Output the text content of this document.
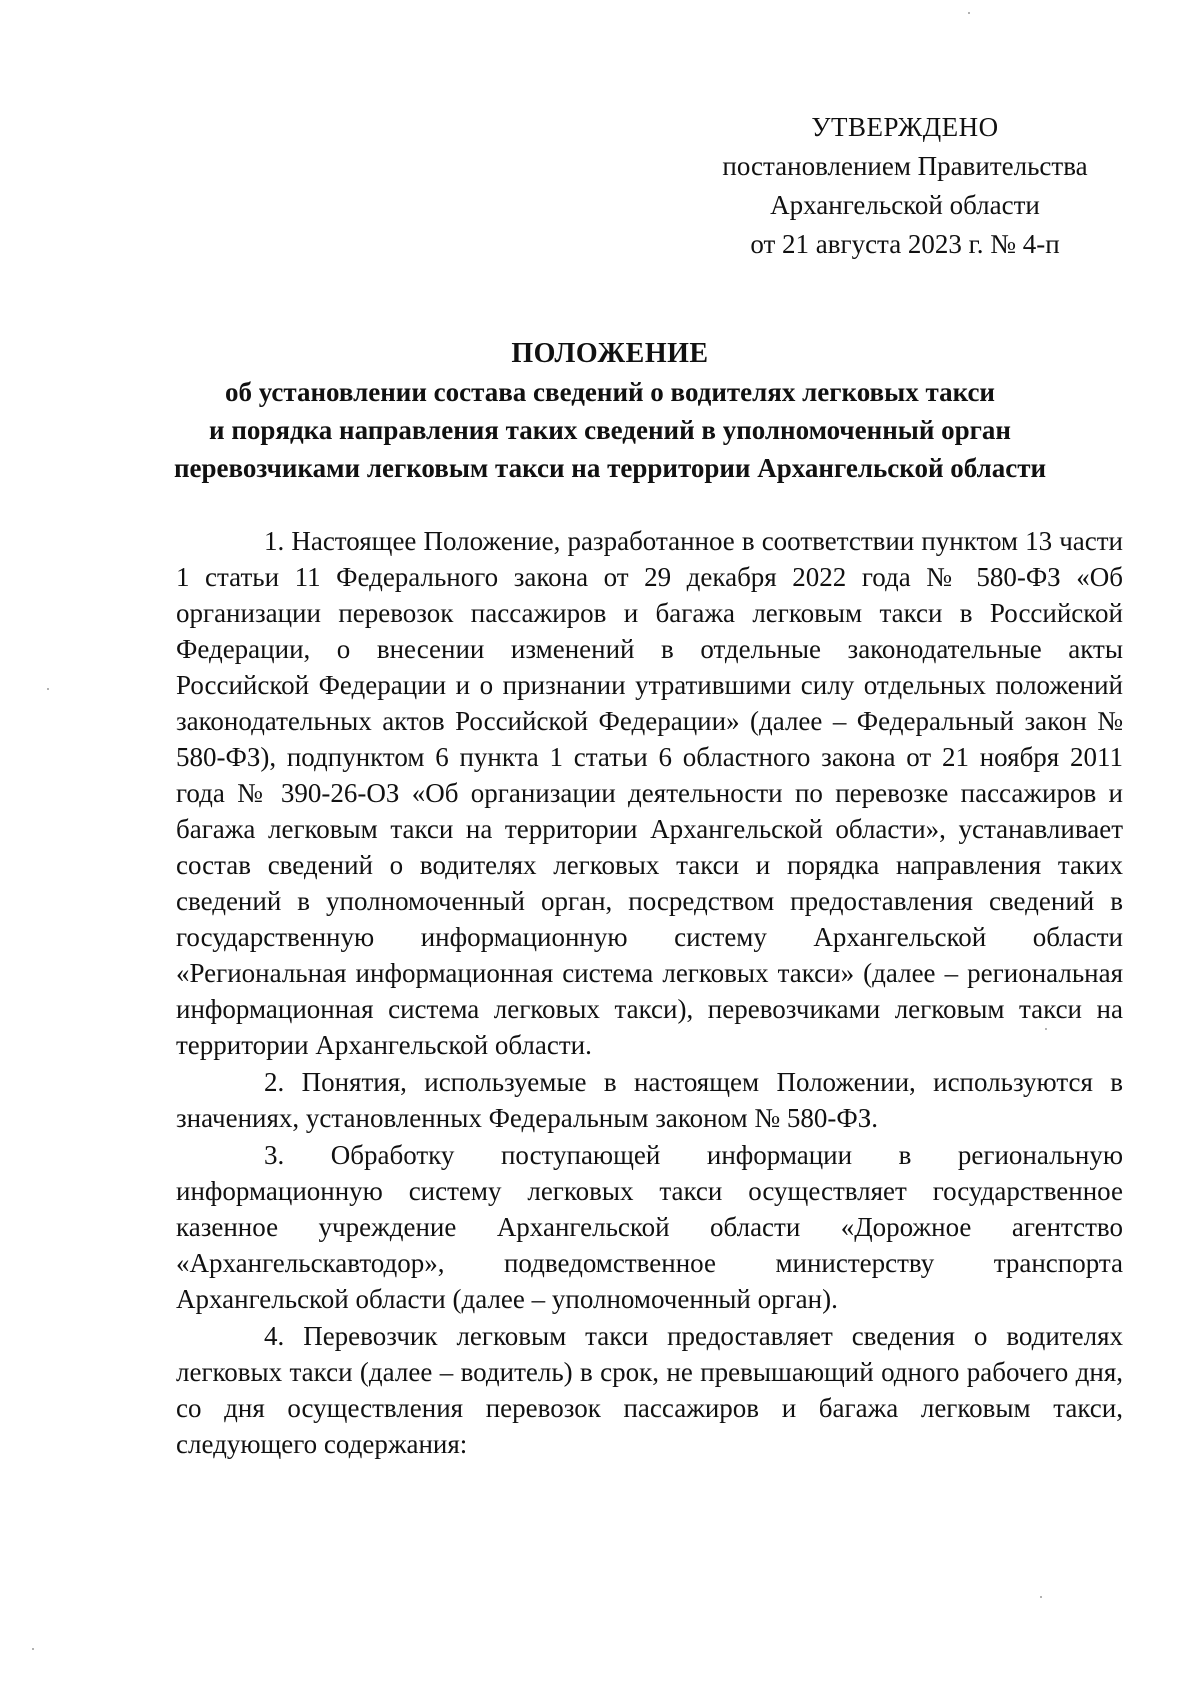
УТВЕРЖДЕНО
постановлением Правительства
Архангельской области
от 21 августа 2023 г. № 4-п
ПОЛОЖЕНИЕ
об установлении состава сведений о водителях легковых такси
и порядка направления таких сведений в уполномоченный орган
перевозчиками легковым такси на территории Архангельской области

1. Настоящее Положение, разработанное в соответствии пунктом 13 части 1 статьи 11 Федерального закона от 29 декабря 2022 года № 580-ФЗ «Об организации перевозок пассажиров и багажа легковым такси в Российской Федерации, о внесении изменений в отдельные законодательные акты Российской Федерации и о признании утратившими силу отдельных положений законодательных актов Российской Федерации» (далее – Федеральный закон № 580-ФЗ), подпунктом 6 пункта 1 статьи 6 областного закона от 21 ноября 2011 года № 390-26-ОЗ «Об организации деятельности по перевозке пассажиров и багажа легковым такси на территории Архангельской области», устанавливает состав сведений о водителях легковых такси и порядка направления таких сведений в уполномоченный орган, посредством предоставления сведений в государственную информационную систему Архангельской области «Региональная информационная система легковых такси» (далее – региональная информационная система легковых такси), перевозчиками легковым такси на территории Архангельской области.

2. Понятия, используемые в настоящем Положении, используются в значениях, установленных Федеральным законом № 580-ФЗ.

3. Обработку поступающей информации в региональную информационную систему легковых такси осуществляет государственное казенное учреждение Архангельской области «Дорожное агентство «Архангельскавтодор», подведомственное министерству транспорта Архангельской области (далее – уполномоченный орган).

4. Перевозчик легковым такси предоставляет сведения о водителях легковых такси (далее – водитель) в срок, не превышающий одного рабочего дня, со дня осуществления перевозок пассажиров и багажа легковым такси, следующего содержания:
